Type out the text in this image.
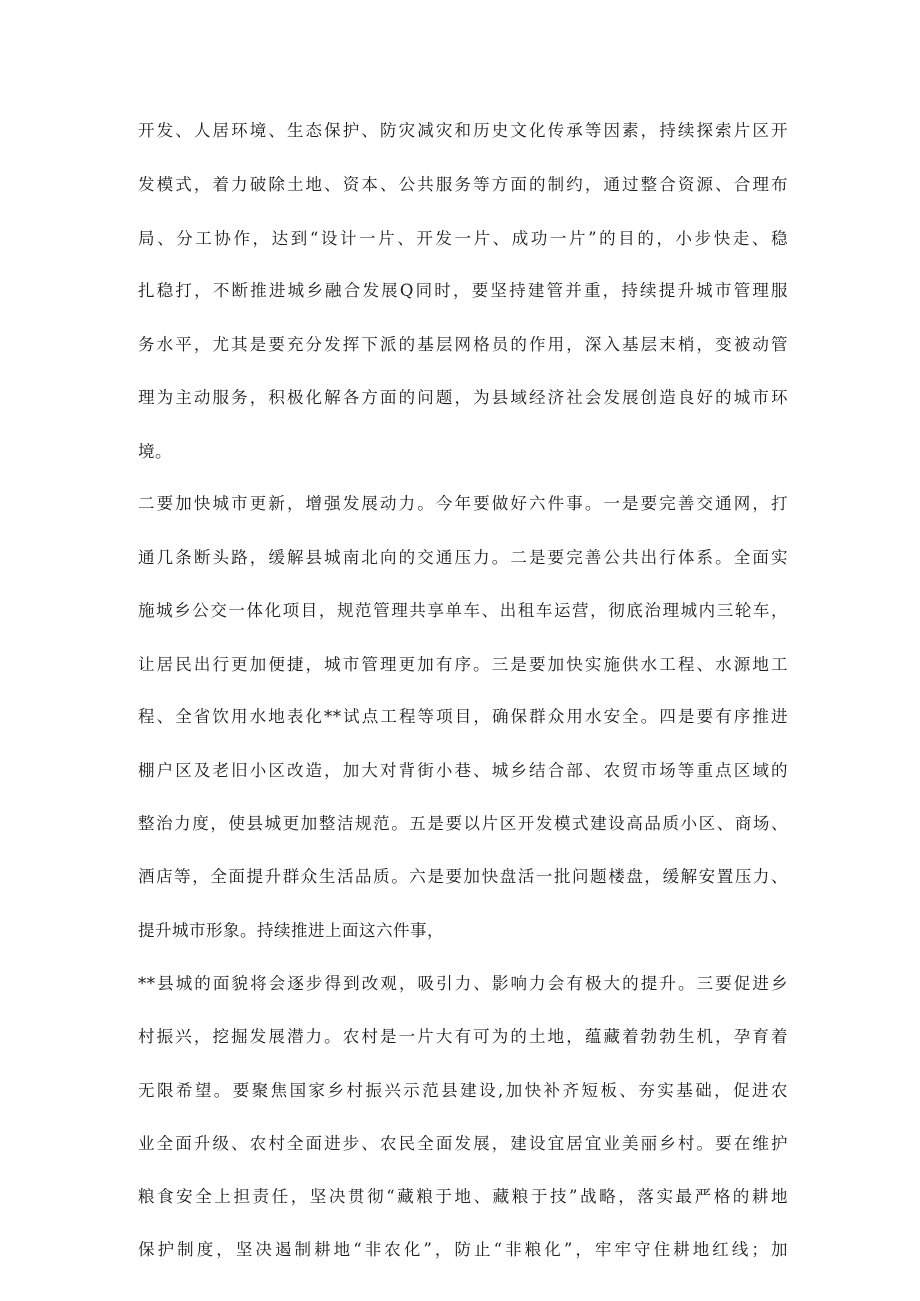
开发、人居环境、生态保护、防灾减灾和历史文化传承等因素，持续探索片区开
发模式，着力破除土地、资本、公共服务等方面的制约，通过整合资源、合理布
局、分工协作，达到“设计一片、开发一片、成功一片”的目的，小步快走、稳
扎稳打，不断推进城乡融合发展Q同时，要坚持建管并重，持续提升城市管理服
务水平，尤其是要充分发挥下派的基层网格员的作用，深入基层末梢，变被动管
理为主动服务，积极化解各方面的问题，为县域经济社会发展创造良好的城市环
境。
二要加快城市更新，增强发展动力。今年要做好六件事。一是要完善交通网，打
通几条断头路，缓解县城南北向的交通压力。二是要完善公共出行体系。全面实
施城乡公交一体化项目，规范管理共享单车、出租车运营，彻底治理城内三轮车，
让居民出行更加便捷，城市管理更加有序。三是要加快实施供水工程、水源地工
程、全省饮用水地表化**试点工程等项目，确保群众用水安全。四是要有序推进
棚户区及老旧小区改造，加大对背街小巷、城乡结合部、农贸市场等重点区域的
整治力度，使县城更加整洁规范。五是要以片区开发模式建设高品质小区、商场、
酒店等，全面提升群众生活品质。六是要加快盘活一批问题楼盘，缓解安置压力、
提升城市形象。持续推进上面这六件事，
**县城的面貌将会逐步得到改观，吸引力、影响力会有极大的提升。三要促进乡
村振兴，挖掘发展潜力。农村是一片大有可为的土地，蕴藏着勃勃生机，孕育着
无限希望。要聚焦国家乡村振兴示范县建设,加快补齐短板、夯实基础，促进农
业全面升级、农村全面进步、农民全面发展，建设宜居宜业美丽乡村。要在维护
粮食安全上担责任，坚决贯彻“藏粮于地、藏粮于技”战略，落实最严格的耕地
保护制度，坚决遏制耕地“非农化”，防止“非粮化”，牢牢守住耕地红线；加
